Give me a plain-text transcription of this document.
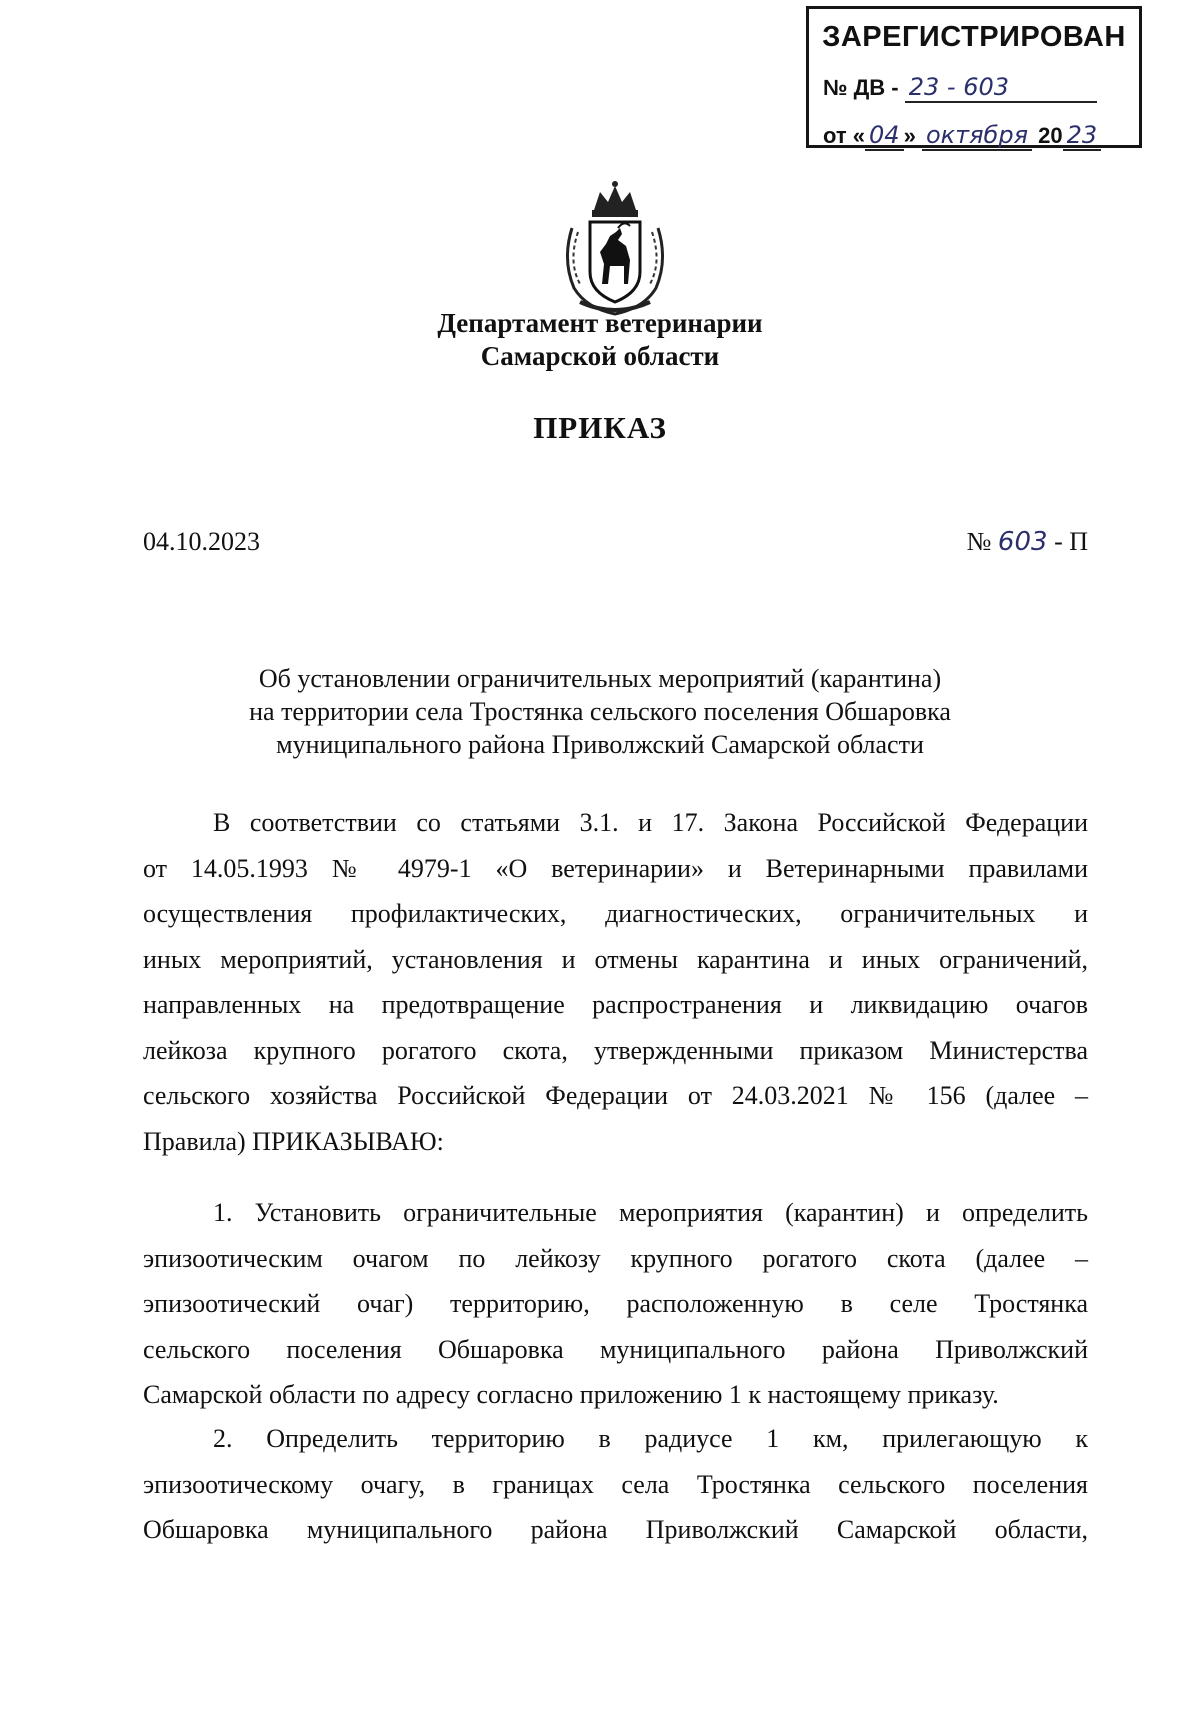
ЗАРЕГИСТРИРОВАН
№ ДВ - 23 - 603
от « 04 » октября 20 23
Департамент ветеринарии
Самарской области
ПРИКАЗ
04.10.2023	№ 603 - П
Об установлении ограничительных мероприятий (карантина)
на территории села Тростянка сельского поселения Обшаровка
муниципального района Приволжский Самарской области
В соответствии со статьями 3.1. и 17. Закона Российской Федерации
от 14.05.1993 № 4979-1 «О ветеринарии» и Ветеринарными правилами
осуществления профилактических, диагностических, ограничительных и
иных мероприятий, установления и отмены карантина и иных ограничений,
направленных на предотвращение распространения и ликвидацию очагов
лейкоза крупного рогатого скота, утвержденными приказом Министерства
сельского хозяйства Российской Федерации от 24.03.2021 № 156 (далее –
Правила) ПРИКАЗЫВАЮ:
1. Установить ограничительные мероприятия (карантин) и определить
эпизоотическим очагом по лейкозу крупного рогатого скота (далее –
эпизоотический очаг) территорию, расположенную в селе Тростянка
сельского поселения Обшаровка муниципального района Приволжский
Самарской области по адресу согласно приложению 1 к настоящему приказу.
2. Определить территорию в радиусе 1 км, прилегающую к
эпизоотическому очагу, в границах села Тростянка сельского поселения
Обшаровка муниципального района Приволжский Самарской области,
